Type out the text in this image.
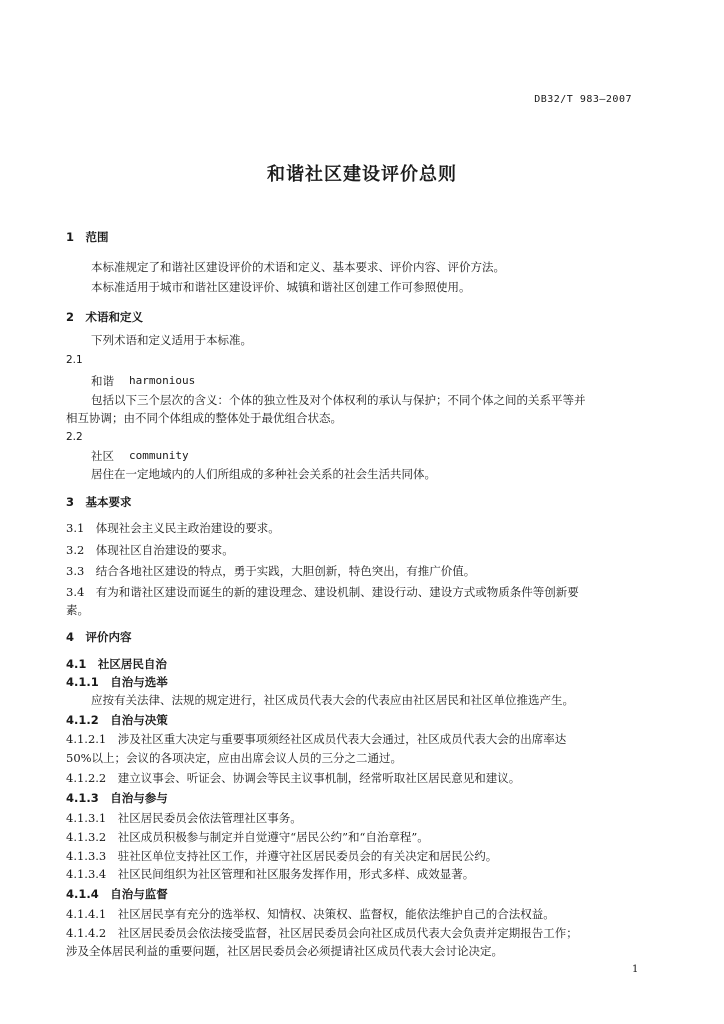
DB32/T 983—2007
和谐社区建设评价总则
1　范围
本标准规定了和谐社区建设评价的术语和定义、基本要求、评价内容、评价方法。
本标准适用于城市和谐社区建设评价、城镇和谐社区创建工作可参照使用。
2　术语和定义
下列术语和定义适用于本标准。
2.1
和谐 harmonious
包括以下三个层次的含义：个体的独立性及对个体权利的承认与保护；不同个体之间的关系平等并
相互协调；由不同个体组成的整体处于最优组合状态。
2.2
社区 community
居住在一定地域内的人们所组成的多种社会关系的社会生活共同体。
3　基本要求
3.1　体现社会主义民主政治建设的要求。
3.2　体现社区自治建设的要求。
3.3　结合各地社区建设的特点，勇于实践，大胆创新，特色突出，有推广价值。
3.4　有为和谐社区建设而诞生的新的建设理念、建设机制、建设行动、建设方式或物质条件等创新要
素。
4　评价内容
4.1　社区居民自治
4.1.1　自治与选举
应按有关法律、法规的规定进行，社区成员代表大会的代表应由社区居民和社区单位推选产生。
4.1.2　自治与决策
4.1.2.1　涉及社区重大决定与重要事项须经社区成员代表大会通过，社区成员代表大会的出席率达
50%以上；会议的各项决定，应由出席会议人员的三分之二通过。
4.1.2.2　建立议事会、听证会、协调会等民主议事机制，经常听取社区居民意见和建议。
4.1.3　自治与参与
4.1.3.1　社区居民委员会依法管理社区事务。
4.1.3.2　社区成员积极参与制定并自觉遵守“居民公约”和“自治章程”。
4.1.3.3　驻社区单位支持社区工作，并遵守社区居民委员会的有关决定和居民公约。
4.1.3.4　社区民间组织为社区管理和社区服务发挥作用，形式多样、成效显著。
4.1.4　自治与监督
4.1.4.1　社区居民享有充分的选举权、知情权、决策权、监督权，能依法维护自己的合法权益。
4.1.4.2　社区居民委员会依法接受监督，社区居民委员会向社区成员代表大会负责并定期报告工作；
涉及全体居民利益的重要问题，社区居民委员会必须提请社区成员代表大会讨论决定。
1
